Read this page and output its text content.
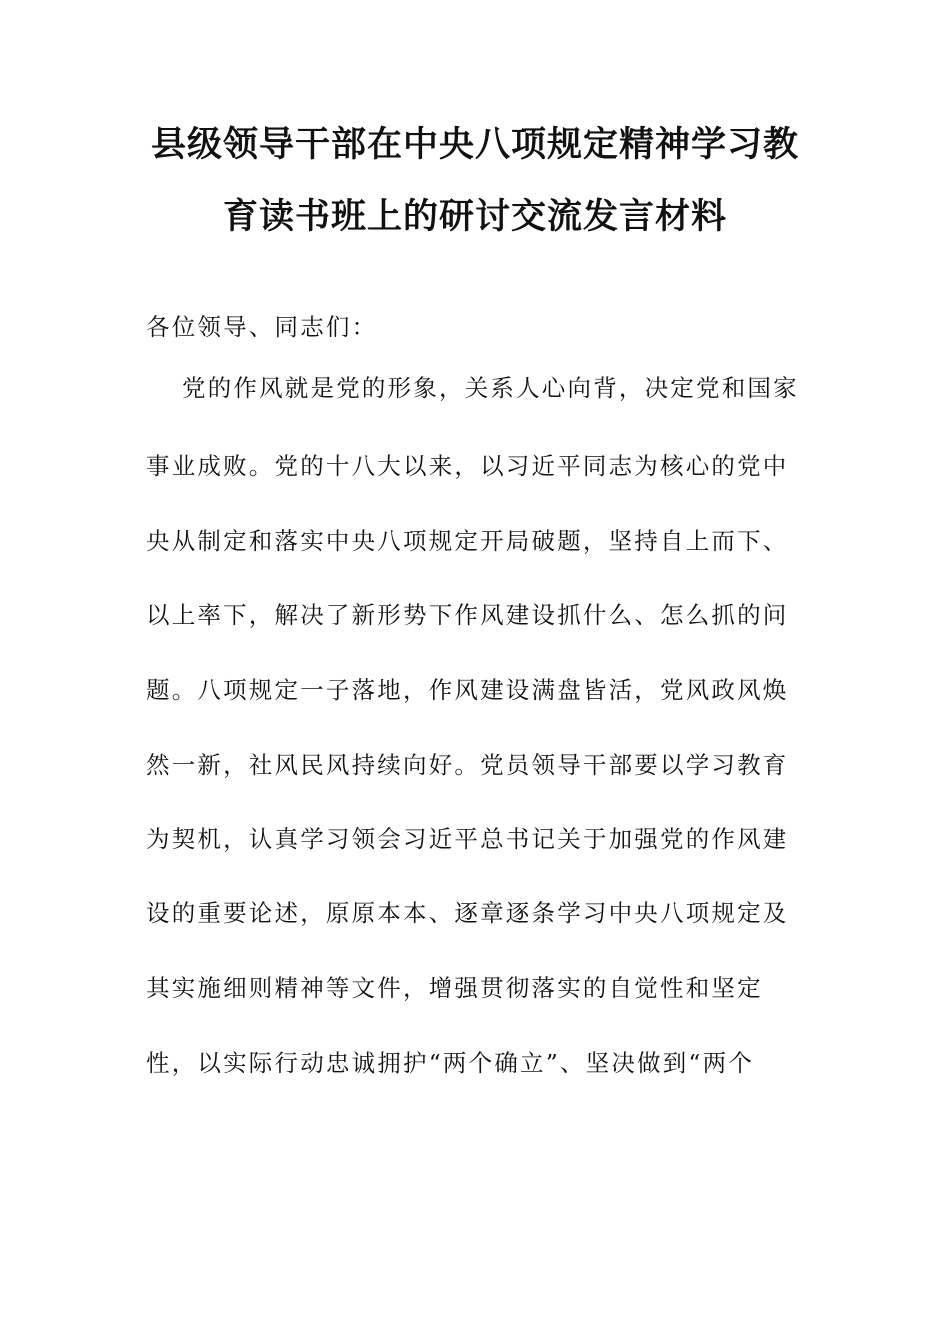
县级领导干部在中央八项规定精神学习教
育读书班上的研讨交流发言材料
各位领导、同志们：
党的作风就是党的形象，关系人心向背，决定党和国家
事业成败。党的十八大以来，以习近平同志为核心的党中
央从制定和落实中央八项规定开局破题，坚持自上而下、
以上率下，解决了新形势下作风建设抓什么、怎么抓的问
题。八项规定一子落地，作风建设满盘皆活，党风政风焕
然一新，社风民风持续向好。党员领导干部要以学习教育
为契机，认真学习领会习近平总书记关于加强党的作风建
设的重要论述，原原本本、逐章逐条学习中央八项规定及
其实施细则精神等文件，增强贯彻落实的自觉性和坚定
性，以实际行动忠诚拥护“两个确立”、坚决做到“两个
